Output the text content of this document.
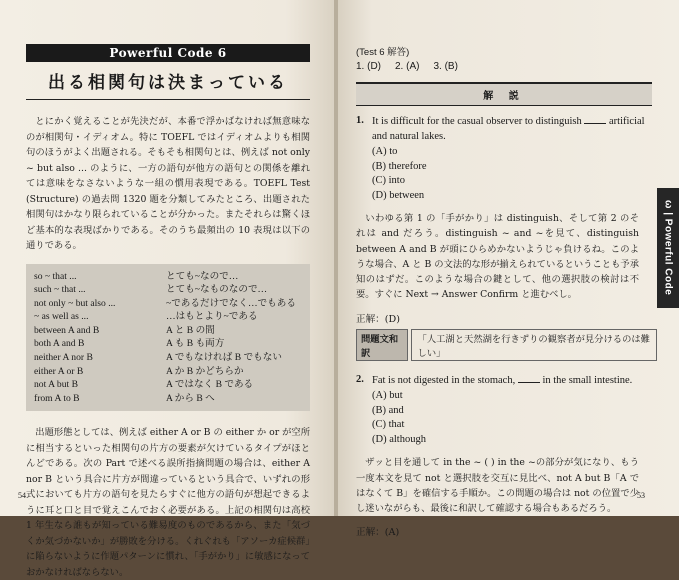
Powerful Code 6
出る相関句は決まっている

とにかく覚えることが先決だが、本番で浮かばなければ無意味なのが相関句・イディオム。特に TOEFL ではイディオムよりも相関句のほうがよく出題される。そもそも相関句とは、例えば not only ~ but also ... のように、一方の語句が他方の語句との関係を離れては意味をなさないような一組の慣用表現である。TOEFL Test (Structure) の過去問 1320 題を分類してみたところ、出題された相関句はかなり限られていることが分かった。またそれらは驚くほど基本的な表現ばかりである。そのうち最頻出の 10 表現は以下の通りである。

so ~ that ...	とても~なので…
such ~ that ...	とても~なものなので…
not only ~ but also ...	~であるだけでなく…でもある
~ as well as ...	…はもとより~である
between A and B	A と B の間
both A and B	A も B も両方
neither A nor B	A でもなければ B でもない
either A or B	A か B かどちらか
not A but B	A ではなく B である
from A to B	A から B へ

出題形態としては、例えば either A or B の either か or が空所に相当するといった相関句の片方の要素が欠けているタイプがほとんどである。次の Part で述べる誤所指摘問題の場合は、either A nor B という具合に片方が間違っているという具合で、いずれの形式においても片方の語句を見たらすぐに他方の語句が想起できるように耳と口と目で覚えこんでおく必要がある。上記の相関句は高校 1 年生なら誰もが知っている難易度のものであるから、また「気づくか気づかないか」が勝敗を分ける。くれぐれも「アソーカ症候群」に陥らないように作題パターンに慣れ、「手がかり」に敏感になっておかなければならない。

54
(Test 6 解答)
1. (D) 2. (A) 3. (B)
解 説
1. It is difficult for the casual observer to distinguish	artificial and natural lakes.
(A) to
(B) therefore
(C) into
(D) between

いわゆる第 1 の「手がかり」は distinguish、そして第 2 のそれは and だろう。distinguish ~ and ~を見て、distinguish between A and B が頭にひらめかないようじゃ負けるね。このような場合、A と B の文法的な形が揃えられているということも予承知のはずだ。このような場合の鍵として、他の選択肢の検討は不要。すぐに Next → Answer Confirm と進むべし。

正解：(D)
問題文和訳
「人工湖と天然湖を行きずりの観察者が見分けるのは難しい」
2. Fat is not digested in the stomach,	in the small intestine.
(A) but
(B) and
(C) that
(D) although

ザッと目を通して in the ~ ( ) in the ~の部分が気になり、もう一度本文を見て not と選択肢を交互に見比べ、not A but B「A ではなくて B」を確信する手順か。この問題の場合は not の位置で少し迷いながらも、最後に和訳して確認する場合もあるだろう。

正解：(A)
ω | Powerful Code
53
